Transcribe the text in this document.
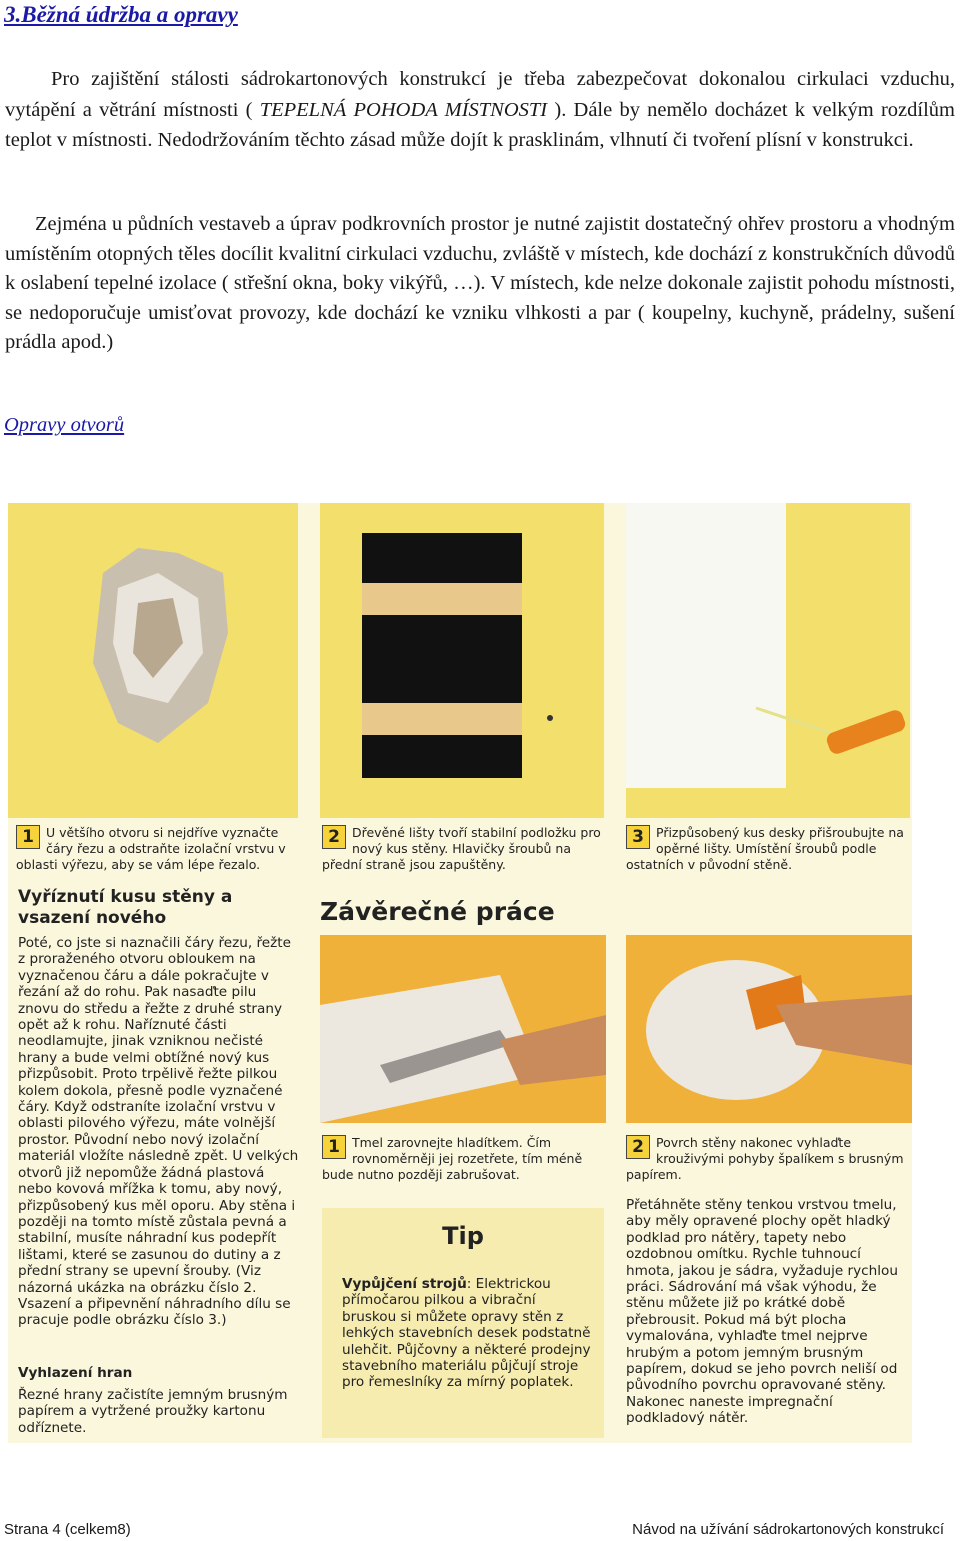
3.Běžná údržba a opravy
Pro zajištění stálosti sádrokartonových konstrukcí je třeba zabezpečovat dokonalou cirkulaci vzduchu, vytápění a větrání místnosti ( TEPELNÁ POHODA MÍSTNOSTI ). Dále by nemělo docházet k velkým rozdílům teplot v místnosti. Nedodržováním těchto zásad může dojít k prasklinám, vlhnutí či tvoření plísní v konstrukci.
Zejména u půdních vestaveb a úprav podkrovních prostor je nutné zajistit dostatečný ohřev prostoru a vhodným umístěním otopných těles docílit kvalitní cirkulaci vzduchu, zvláště v místech, kde dochází z konstrukčních důvodů k oslabení tepelné izolace ( střešní okna, boky vikýřů, …). V místech, kde nelze dokonale zajistit pohodu místnosti, se nedoporučuje umisťovat provozy, kde dochází ke vzniku vlhkosti a par ( koupelny, kuchyně, prádelny, sušení prádla apod.)
Opravy otvorů
1 U většího otvoru si nejdříve vyznačte čáry řezu a odstraňte izolační vrstvu v oblasti výřezu, aby se vám lépe řezalo.
2 Dřevěné lišty tvoří stabilní podložku pro nový kus stěny. Hlavičky šroubů na přední straně jsou zapuštěny.
3 Přizpůsobený kus desky přišroubujte na opěrné lišty. Umístění šroubů podle ostatních v původní stěně.
Vyříznutí kusu stěny a vsazení nového
Poté, co jste si naznačili čáry řezu, řežte z proraženého otvoru obloukem na vyznačenou čáru a dále pokračujte v řezání až do rohu. Pak nasaďte pilu znovu do středu a řežte z druhé strany opět až k rohu. Naříznuté části neodlamujte, jinak vzniknou nečisté hrany a bude velmi obtížné nový kus přizpůsobit. Proto trpělivě řežte pilkou kolem dokola, přesně podle vyznačené čáry. Když odstraníte izolační vrstvu v oblasti pilového výřezu, máte volnější prostor. Původní nebo nový izolační materiál vložíte následně zpět. U velkých otvorů již nepomůže žádná plastová nebo kovová mřížka k tomu, aby nový, přizpůsobený kus měl oporu. Aby stěna i později na tomto místě zůstala pevná a stabilní, musíte náhradní kus podepřít lištami, které se zasunou do dutiny a z přední strany se upevní šrouby. (Viz názorná ukázka na obrázku číslo 2. Vsazení a připevnění náhradního dílu se pracuje podle obrázku číslo 3.)
Vyhlazení hran
Řezné hrany začistíte jemným brusným papírem a vytržené proužky kartonu odříznete.
Závěrečné práce
1 Tmel zarovnejte hladítkem. Čím rovnoměrněji jej rozetřete, tím méně bude nutno později zabrušovat.
2 Povrch stěny nakonec vyhlaďte krouživými pohyby špalíkem s brusným papírem.
Tip
Vypůjčení strojů: Elektrickou přímočarou pilkou a vibrační bruskou si můžete opravy stěn z lehkých stavebních desek podstatně ulehčit. Půjčovny a některé prodejny stavebního materiálu půjčují stroje pro řemeslníky za mírný poplatek.
Přetáhněte stěny tenkou vrstvou tmelu, aby měly opravené plochy opět hladký podklad pro nátěry, tapety nebo ozdobnou omítku. Rychle tuhnoucí hmota, jakou je sádra, vyžaduje rychlou práci. Sádrování má však výhodu, že stěnu můžete již po krátké době přebrousit. Pokud má být plocha vymalována, vyhlaďte tmel nejprve hrubým a potom jemným brusným papírem, dokud se jeho povrch neliší od původního povrchu opravované stěny. Nakonec naneste impregnační podkladový nátěr.
Strana 4 (celkem8)	Návod na užívání sádrokartonových konstrukcí
